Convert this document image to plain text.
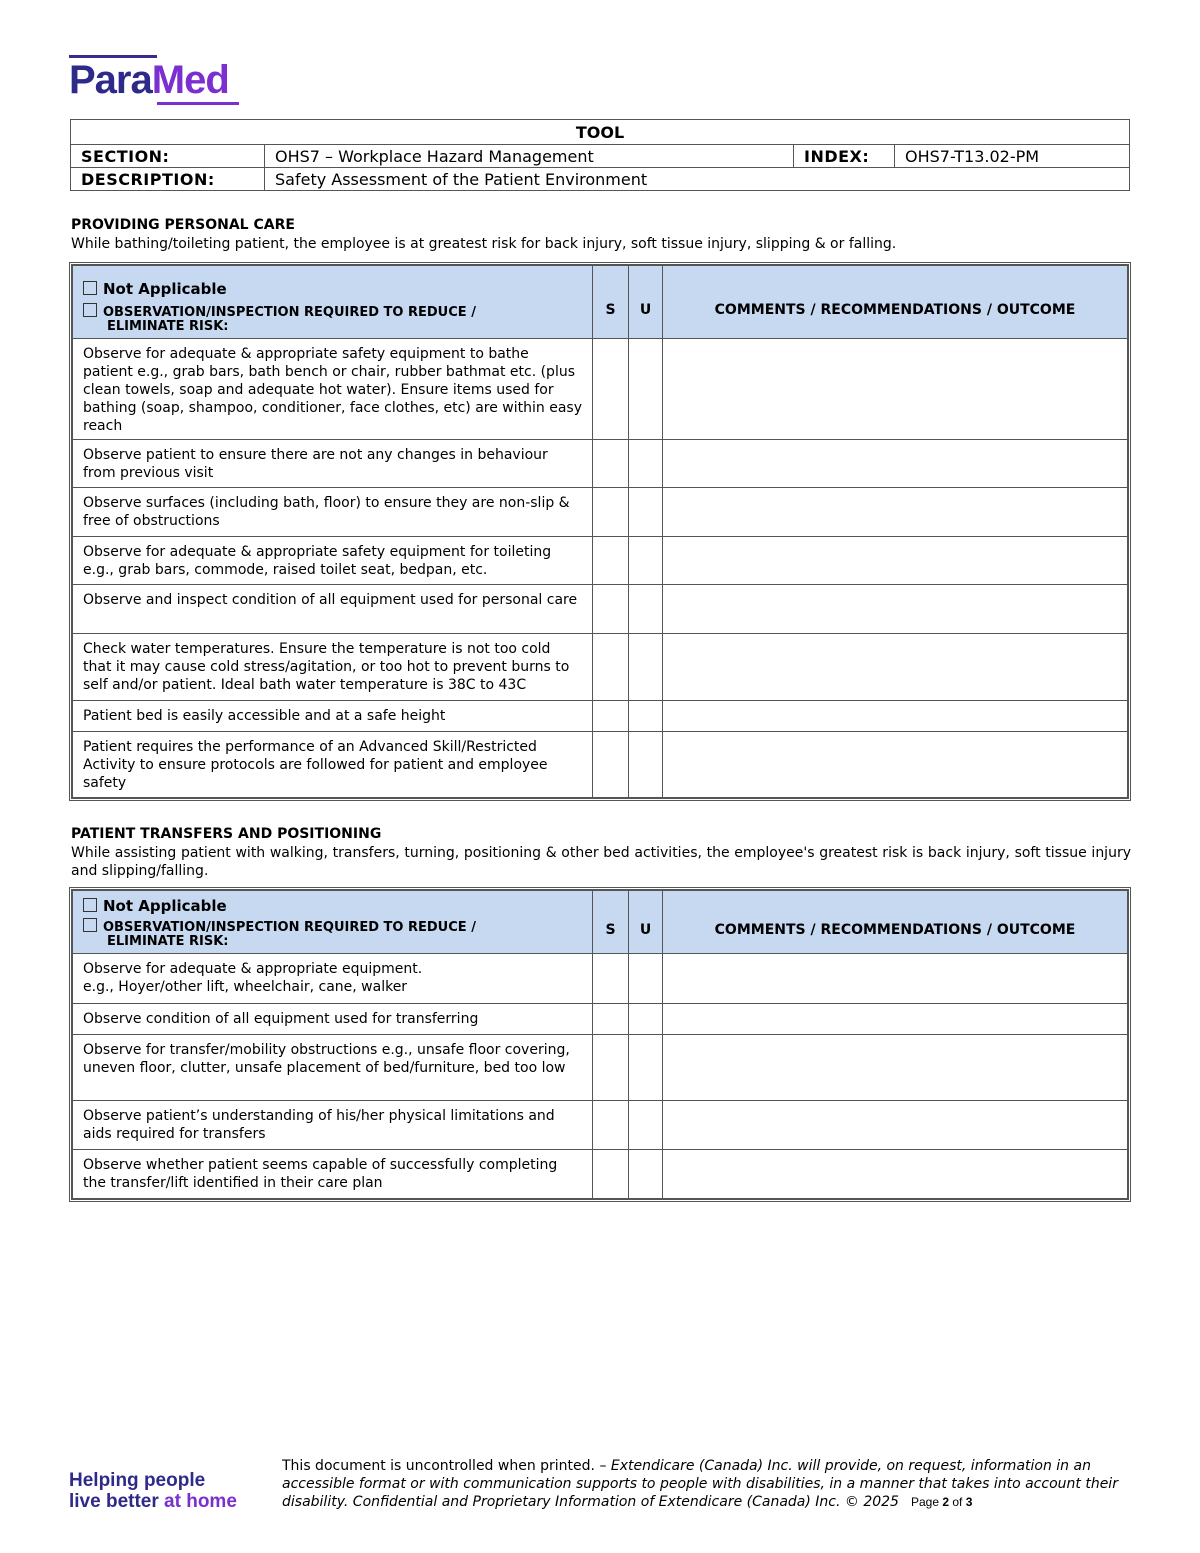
ParaMed
TOOL			
SECTION:	OHS7 – Workplace Hazard Management	INDEX:	OHS7-T13.02-PM
DESCRIPTION:	Safety Assessment of the Patient Environment		
PROVIDING PERSONAL CARE
While bathing/toileting patient, the employee is at greatest risk for back injury, soft tissue injury, slipping & or falling.
Not Applicable
OBSERVATION/INSPECTION REQUIRED TO REDUCE /
ELIMINATE RISK:	S	U	COMMENTS / RECOMMENDATIONS / OUTCOME
Observe for adequate & appropriate safety equipment to bathe patient e.g., grab bars, bath bench or chair, rubber bathmat etc. (plus clean towels, soap and adequate hot water). Ensure items used for bathing (soap, shampoo, conditioner, face clothes, etc) are within easy reach			
Observe patient to ensure there are not any changes in behaviour from previous visit			
Observe surfaces (including bath, floor) to ensure they are non-slip & free of obstructions			
Observe for adequate & appropriate safety equipment for toileting e.g., grab bars, commode, raised toilet seat, bedpan, etc.			
Observe and inspect condition of all equipment used for personal care			
Check water temperatures. Ensure the temperature is not too cold that it may cause cold stress/agitation, or too hot to prevent burns to self and/or patient. Ideal bath water temperature is 38C to 43C			
Patient bed is easily accessible and at a safe height			
Patient requires the performance of an Advanced Skill/Restricted Activity to ensure protocols are followed for patient and employee safety			
PATIENT TRANSFERS AND POSITIONING
While assisting patient with walking, transfers, turning, positioning & other bed activities, the employee's greatest risk is back injury, soft tissue injury and slipping/falling.
Not Applicable
OBSERVATION/INSPECTION REQUIRED TO REDUCE /
ELIMINATE RISK:	S	U	COMMENTS / RECOMMENDATIONS / OUTCOME
Observe for adequate & appropriate equipment.
e.g., Hoyer/other lift, wheelchair, cane, walker			
Observe condition of all equipment used for transferring			
Observe for transfer/mobility obstructions e.g., unsafe floor covering, uneven floor, clutter, unsafe placement of bed/furniture, bed too low			
Observe patient’s understanding of his/her physical limitations and aids required for transfers			
Observe whether patient seems capable of successfully completing the transfer/lift identified in their care plan			
Helping people
live better at home
This document is uncontrolled when printed. – Extendicare (Canada) Inc. will provide, on request, information in an accessible format or with communication supports to people with disabilities, in a manner that takes into account their disability. Confidential and Proprietary Information of Extendicare (Canada) Inc. © 2025 Page 2 of 3
